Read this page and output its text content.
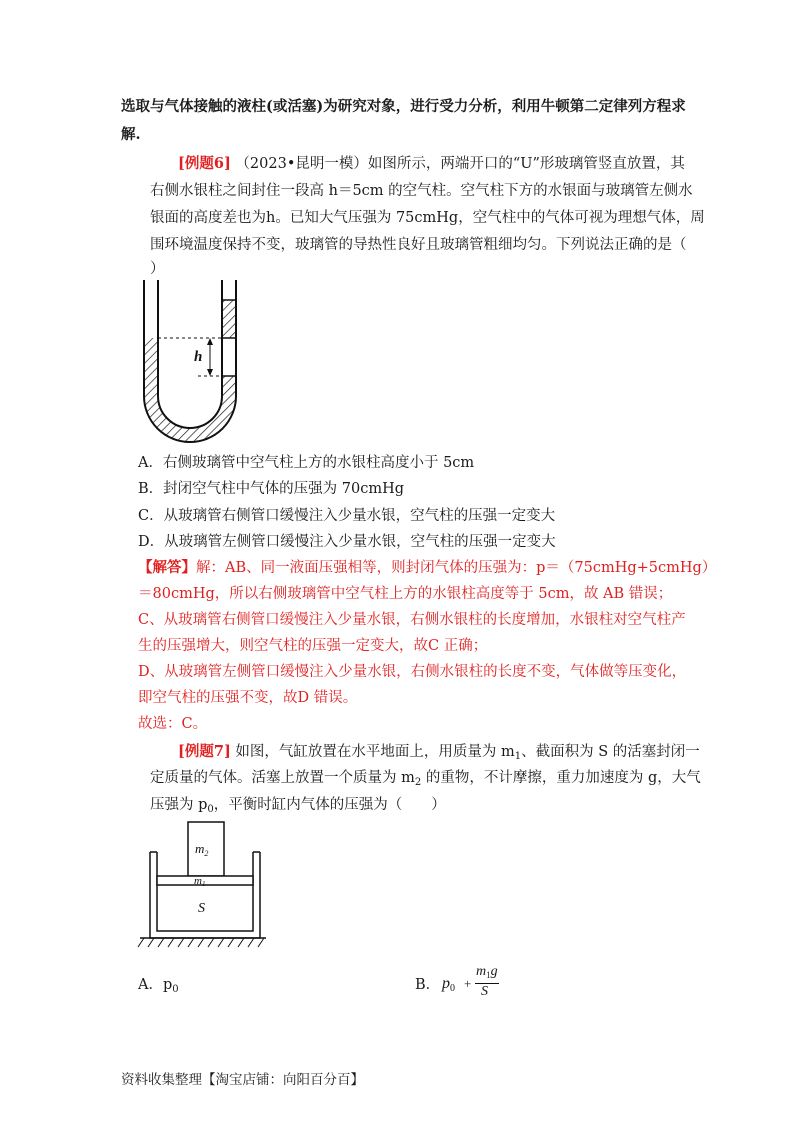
选取与气体接触的液柱(或活塞)为研究对象，进行受力分析，利用牛顿第二定律列方程求
解.
[例题6] （2023•昆明一模）如图所示，两端开口的“U”形玻璃管竖直放置，其
右侧水银柱之间封住一段高 h＝5cm 的空气柱。空气柱下方的水银面与玻璃管左侧水
银面的高度差也为h。已知大气压强为 75cmHg，空气柱中的气体可视为理想气体，周
围环境温度保持不变，玻璃管的导热性良好且玻璃管粗细均匀。下列说法正确的是（
）
h
A．右侧玻璃管中空气柱上方的水银柱高度小于 5cm
B．封闭空气柱中气体的压强为 70cmHg
C．从玻璃管右侧管口缓慢注入少量水银，空气柱的压强一定变大
D．从玻璃管左侧管口缓慢注入少量水银，空气柱的压强一定变大
【解答】解：AB、同一液面压强相等，则封闭气体的压强为：p＝（75cmHg+5cmHg）
＝80cmHg，所以右侧玻璃管中空气柱上方的水银柱高度等于 5cm，故 AB 错误；
C、从玻璃管右侧管口缓慢注入少量水银，右侧水银柱的长度增加，水银柱对空气柱产
生的压强增大，则空气柱的压强一定变大，故C 正确；
D、从玻璃管左侧管口缓慢注入少量水银，右侧水银柱的长度不变，气体做等压变化，
即空气柱的压强不变，故D 错误。
故选：C。
[例题7] 如图，气缸放置在水平地面上，用质量为 $m_1$、截面积为 S 的活塞封闭一
定质量的气体。活塞上放置一个质量为 $m_2$ 的重物，不计摩擦，重力加速度为 g，大气
压强为 $p_0$，平衡时缸内气体的压强为（　　）
$m_2$
m1
S
A．$p_0$	B． p0 +
$m_1g$
S
资料收集整理【淘宝店铺：向阳百分百】
